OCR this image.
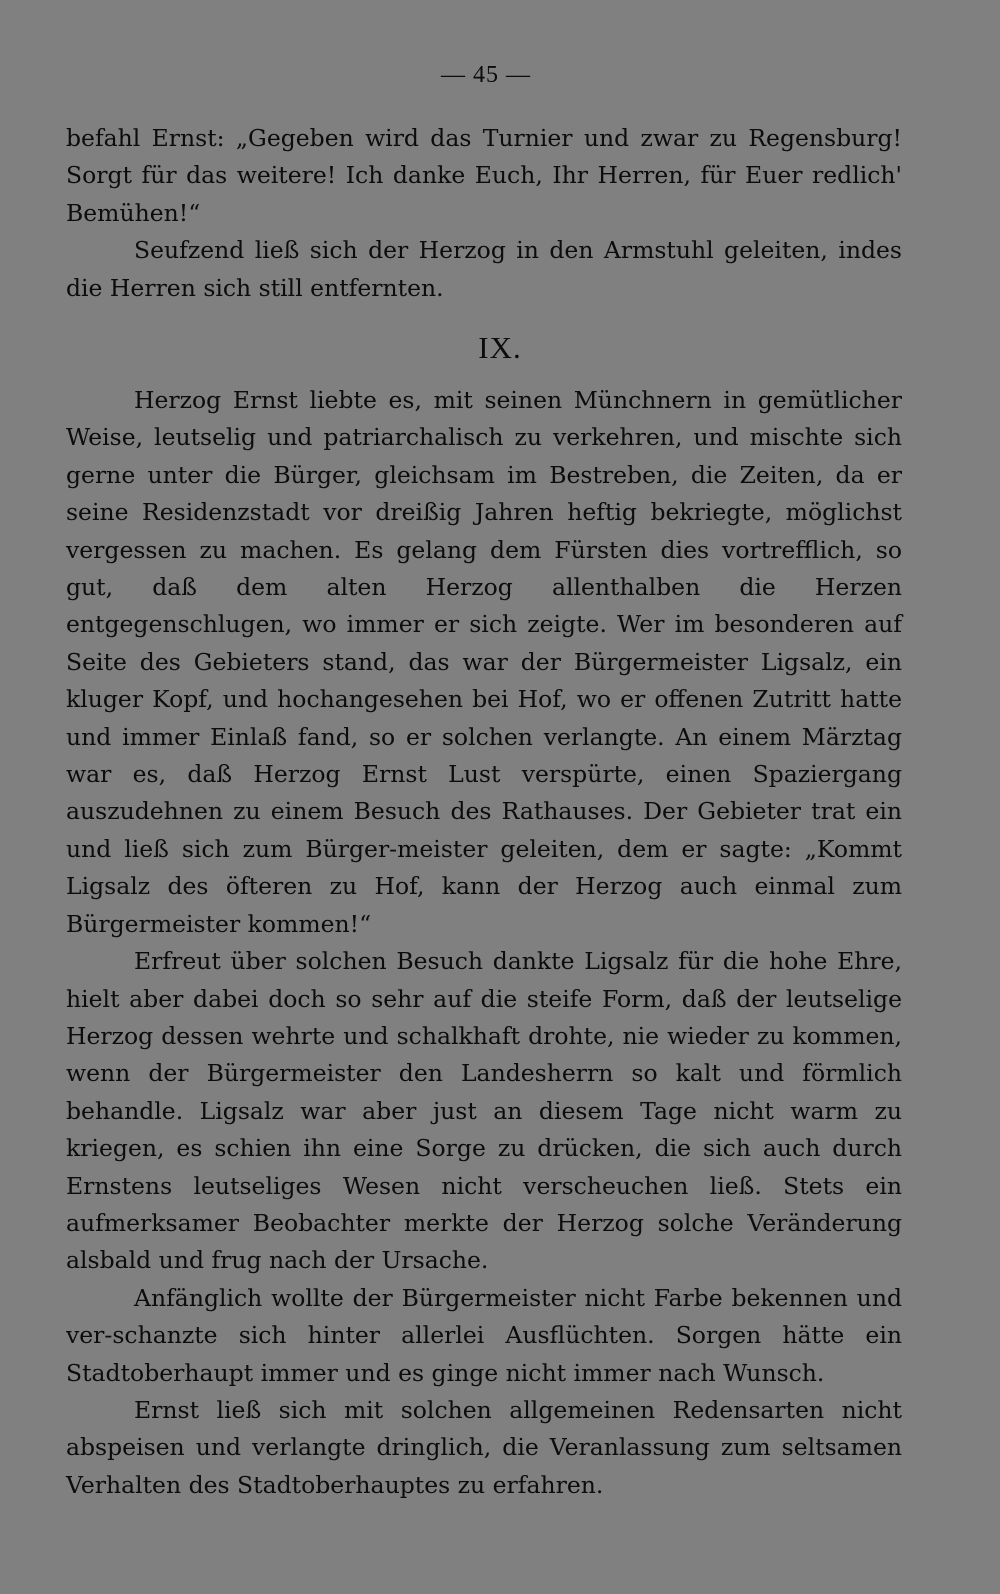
— 45 —

befahl Ernst: „Gegeben wird das Turnier und zwar zu Regensburg! Sorgt für das weitere! Ich danke Euch, Ihr Herren, für Euer redlich' Bemühen!“

Seufzend ließ sich der Herzog in den Armstuhl geleiten, indes die Herren sich still entfernten.

IX.

Herzog Ernst liebte es, mit seinen Münchnern in gemütlicher Weise, leutselig und patriarchalisch zu verkehren, und mischte sich gerne unter die Bürger, gleichsam im Bestreben, die Zeiten, da er seine Residenzstadt vor dreißig Jahren heftig bekriegte, möglichst vergessen zu machen. Es gelang dem Fürsten dies vortrefflich, so gut, daß dem alten Herzog allenthalben die Herzen entgegenschlugen, wo immer er sich zeigte. Wer im besonderen auf Seite des Gebieters stand, das war der Bürgermeister Ligsalz, ein kluger Kopf, und hochangesehen bei Hof, wo er offenen Zutritt hatte und immer Einlaß fand, so er solchen verlangte. An einem Märztag war es, daß Herzog Ernst Lust verspürte, einen Spaziergang auszudehnen zu einem Besuch des Rathauses. Der Gebieter trat ein und ließ sich zum Bürger-meister geleiten, dem er sagte: „Kommt Ligsalz des öfteren zu Hof, kann der Herzog auch einmal zum Bürgermeister kommen!“

Erfreut über solchen Besuch dankte Ligsalz für die hohe Ehre, hielt aber dabei doch so sehr auf die steife Form, daß der leutselige Herzog dessen wehrte und schalkhaft drohte, nie wieder zu kommen, wenn der Bürgermeister den Landesherrn so kalt und förmlich behandle. Ligsalz war aber just an diesem Tage nicht warm zu kriegen, es schien ihn eine Sorge zu drücken, die sich auch durch Ernstens leutseliges Wesen nicht verscheuchen ließ. Stets ein aufmerksamer Beobachter merkte der Herzog solche Veränderung alsbald und frug nach der Ursache.

Anfänglich wollte der Bürgermeister nicht Farbe bekennen und ver-schanzte sich hinter allerlei Ausflüchten. Sorgen hätte ein Stadtoberhaupt immer und es ginge nicht immer nach Wunsch.

Ernst ließ sich mit solchen allgemeinen Redensarten nicht abspeisen und verlangte dringlich, die Veranlassung zum seltsamen Verhalten des Stadtoberhauptes zu erfahren.
